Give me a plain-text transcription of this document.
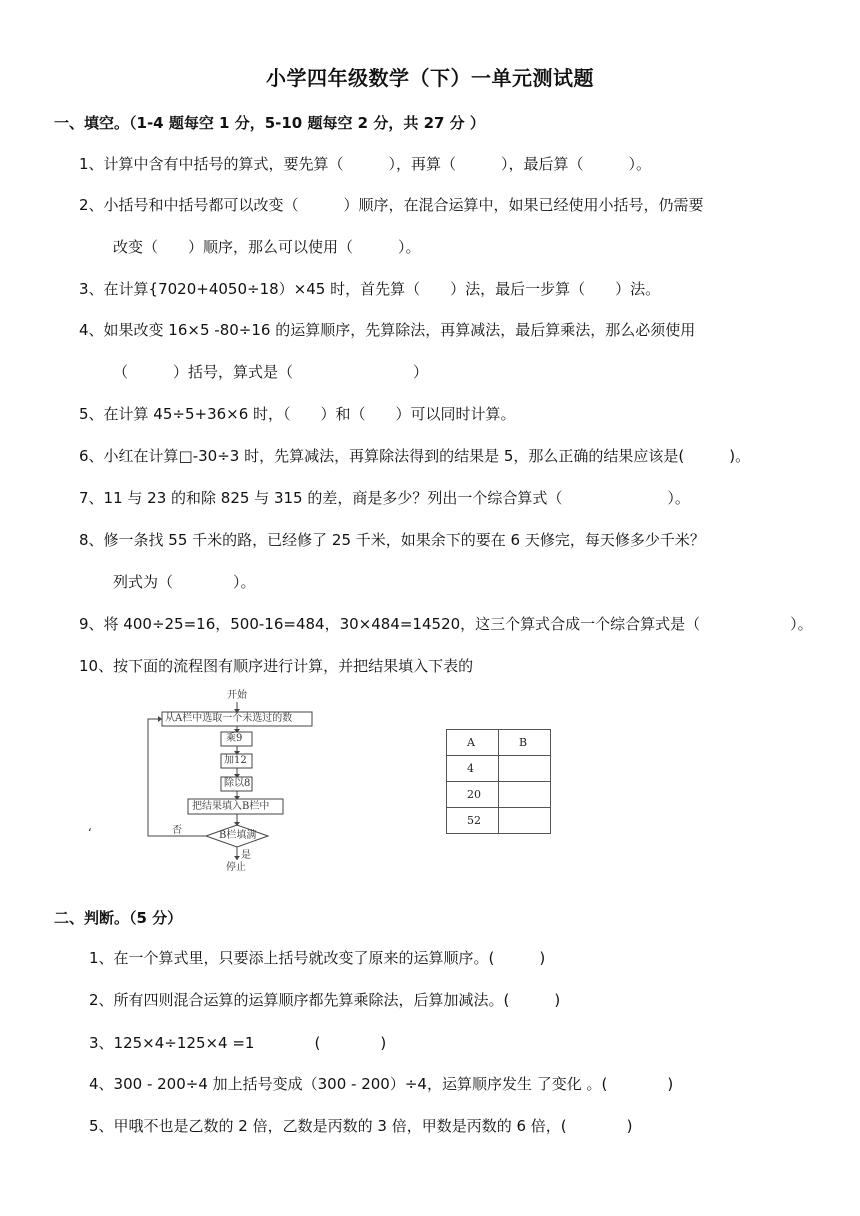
小学四年级数学（下）一单元测试题
一、填空。（1-4 题每空 1 分，5-10 题每空 2 分，共 27 分 ）
1、计算中含有中括号的算式，要先算（　　　），再算（　　　），最后算（　　　）。
2、小括号和中括号都可以改变（　　　）顺序，在混合运算中，如果已经使用小括号，仍需要
改变（　　）顺序，那么可以使用（　　　）。
3、在计算{7020+4050÷18）×45 时，首先算（　　）法，最后一步算（　　）法。
4、如果改变 16×5 -80÷16 的运算顺序，先算除法，再算减法，最后算乘法，那么必须使用
（　　　）括号，算式是（　　　　　　　　）
5、在计算 45÷5+36×6 时，（　　）和（　　）可以同时计算。
6、小红在计算□-30÷3 时，先算减法，再算除法得到的结果是 5，那么正确的结果应该是(　　　)。
7、11 与 23 的和除 825 与 315 的差，商是多少？列出一个综合算式（　　　　　　　）。
8、修一条找 55 千米的路，已经修了 25 千米，如果余下的要在 6 天修完，每天修多少千米？
列式为（　　　　）。
9、将 400÷25=16，500-16=484，30×484=14520，这三个算式合成一个综合算式是（　　　　　　）。
10、按下面的流程图有顺序进行计算，并把结果填入下表的
开始
从A栏中选取一个未选过的数
乘9
加12
除以8
把结果填入B栏中
B栏填满
否
是
停止
‘
A	B
4	
20	
52	
二、判断。（5 分）
1、在一个算式里，只要添上括号就改变了原来的运算顺序。(　　　)
2、所有四则混合运算的运算顺序都先算乘除法，后算加减法。(　　　)
3、125×4÷125×4 =1　　　　(　　　　)
4、300 - 200÷4 加上括号变成（300 - 200）÷4，运算顺序发生 了变化 。(　　　　)
5、甲哦不也是乙数的 2 倍，乙数是丙数的 3 倍，甲数是丙数的 6 倍，(　　　　)
